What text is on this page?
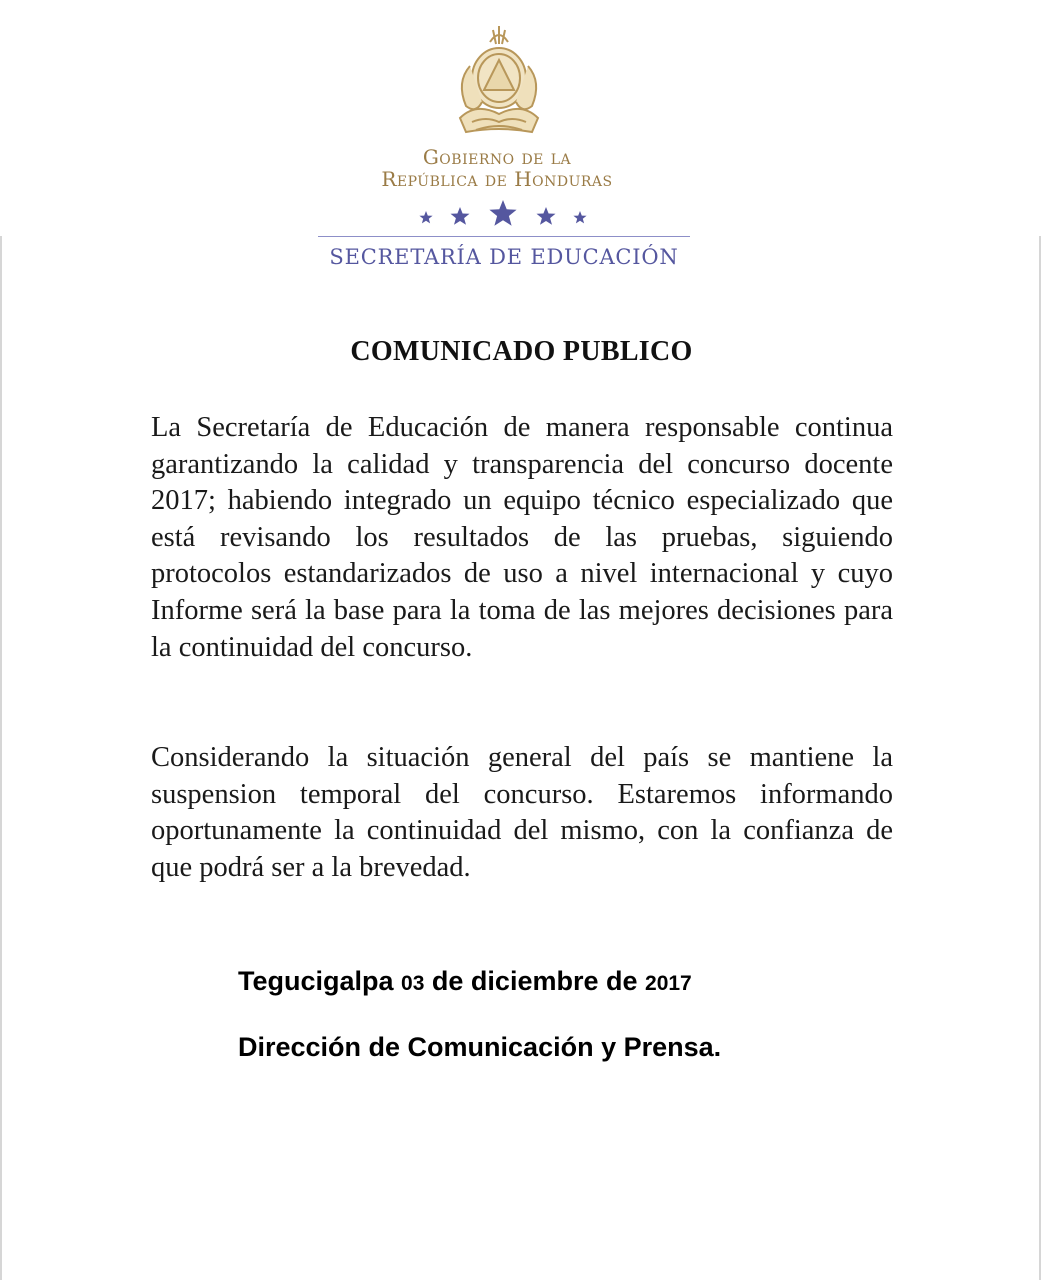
Gobierno de la
República de Honduras
SECRETARÍA DE EDUCACIÓN
COMUNICADO PUBLICO

La Secretaría de Educación de manera responsable continua garantizando la calidad y transparencia del concurso docente 2017; habiendo integrado un equipo técnico especializado que está revisando los resultados de las pruebas, siguiendo protocolos estandarizados de uso a nivel internacional y cuyo Informe será la base para la toma de las mejores decisiones para la continuidad del concurso.

Considerando la situación general del país se mantiene la suspension temporal del concurso. Estaremos informando oportunamente la continuidad del mismo, con la confianza de que podrá ser a la brevedad.

Tegucigalpa 03 de diciembre de 2017
Dirección de Comunicación y Prensa.
